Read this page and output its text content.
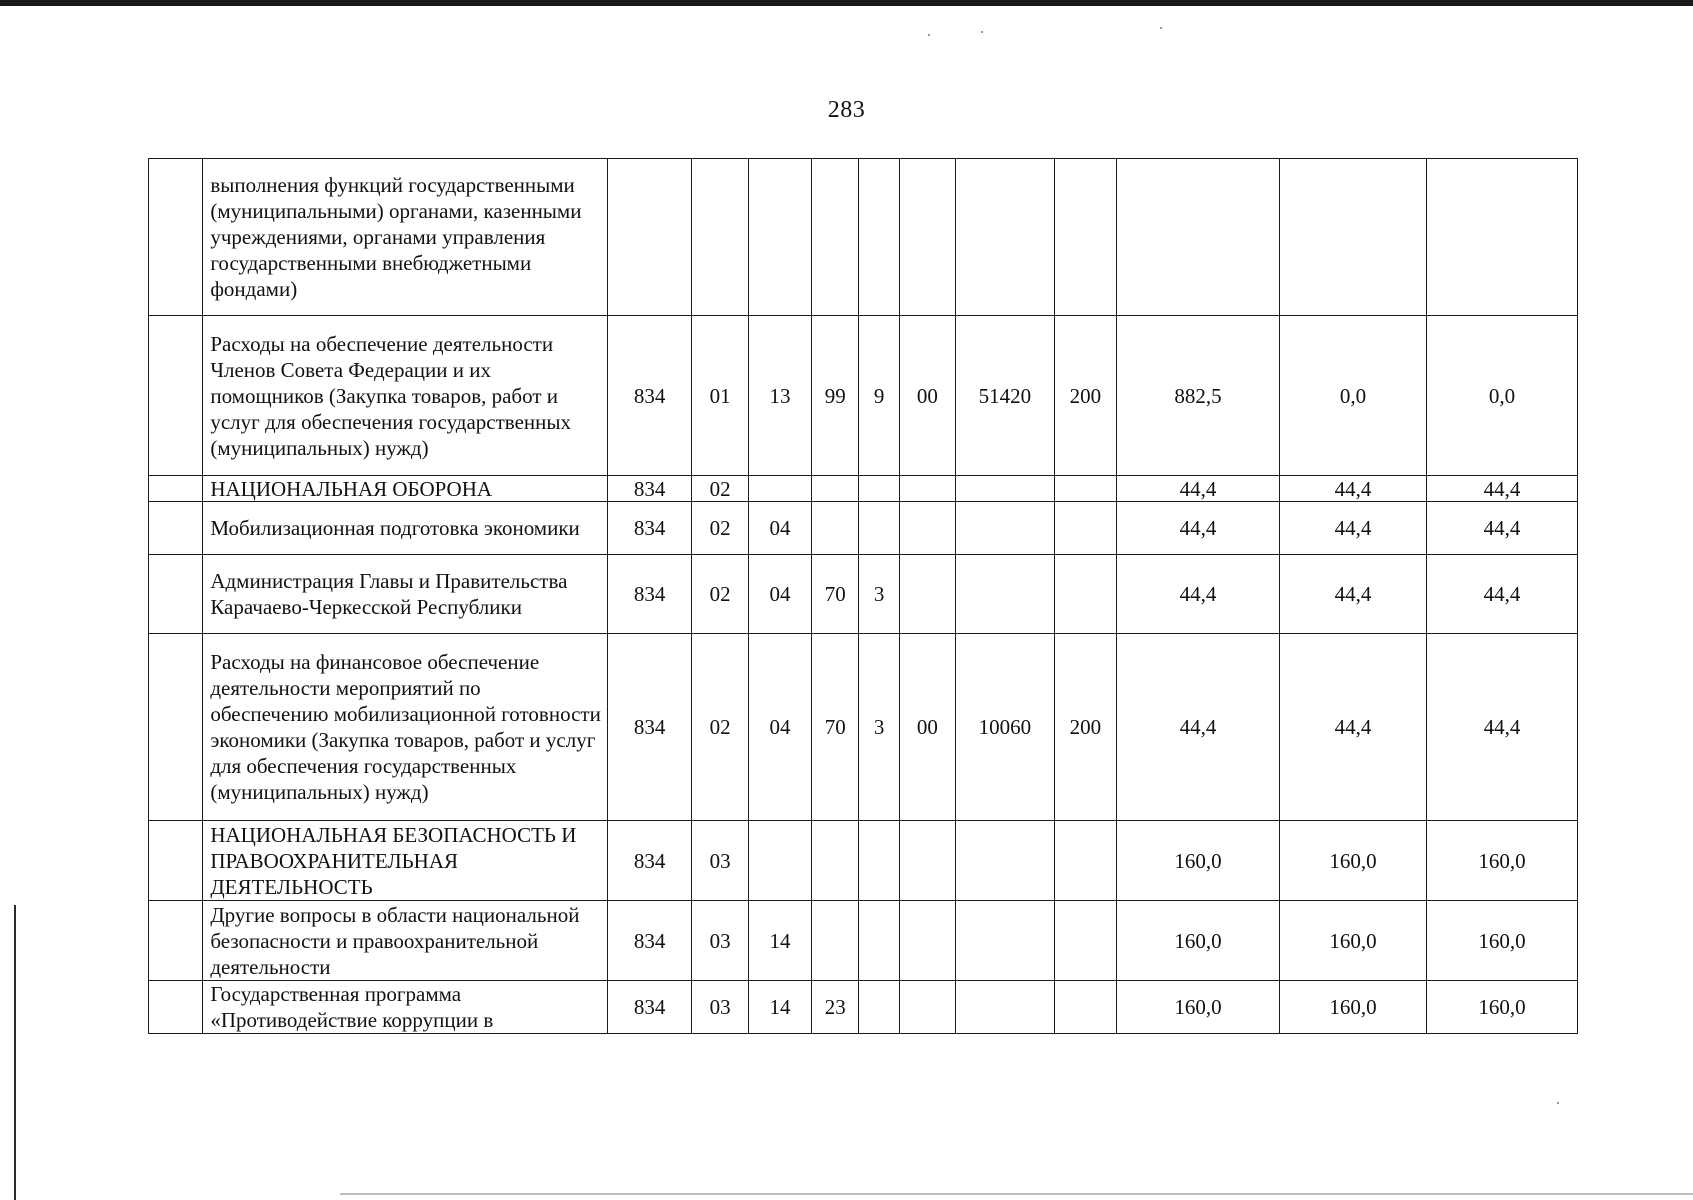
283
	выполнения функций государственными (муниципальными) органами, казенными учреждениями, органами управления государственными внебюджетными фондами)											
	Расходы на обеспечение деятельности Членов Совета Федерации и их помощников (Закупка товаров, работ и услуг для обеспечения государственных (муниципальных) нужд)	834	01	13	99	9	00	51420	200	882,5	0,0	0,0
	НАЦИОНАЛЬНАЯ ОБОРОНА	834	02							44,4	44,4	44,4
	Мобилизационная подготовка экономики	834	02	04						44,4	44,4	44,4
	Администрация Главы и Правительства Карачаево-Черкесской Республики	834	02	04	70	3				44,4	44,4	44,4
	Расходы на финансовое обеспечение деятельности мероприятий по обеспечению мобилизационной готовности экономики (Закупка товаров, работ и услуг для обеспечения государственных (муниципальных) нужд)	834	02	04	70	3	00	10060	200	44,4	44,4	44,4
	НАЦИОНАЛЬНАЯ БЕЗОПАСНОСТЬ И ПРАВООХРАНИТЕЛЬНАЯ ДЕЯТЕЛЬНОСТЬ	834	03							160,0	160,0	160,0
	Другие вопросы в области национальной безопасности и правоохранительной деятельности	834	03	14						160,0	160,0	160,0
	Государственная программа «Противодействие коррупции в	834	03	14	23					160,0	160,0	160,0
